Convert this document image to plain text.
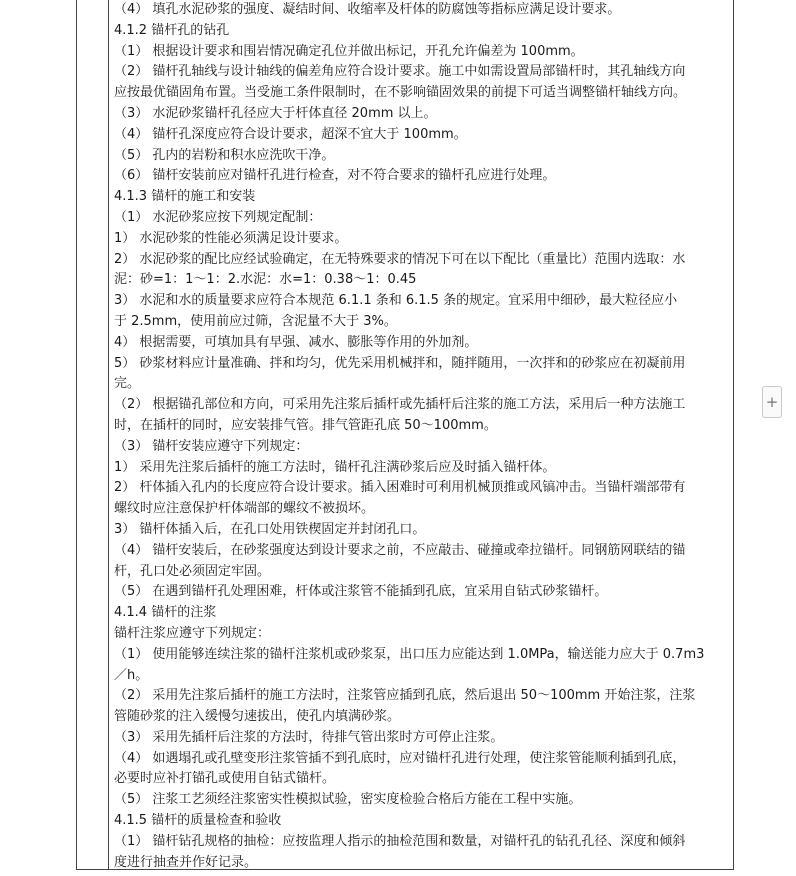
（4） 填孔水泥砂浆的强度、凝结时间、收缩率及杆体的防腐蚀等指标应满足设计要求。
4.1.2 锚杆孔的钻孔
（1） 根据设计要求和围岩情况确定孔位并做出标记，开孔允许偏差为 100mm。
（2） 锚杆孔轴线与设计轴线的偏差角应符合设计要求。施工中如需设置局部锚杆时，其孔轴线方向
应按最优锚固角布置。当受施工条件限制时，在不影响锚固效果的前提下可适当调整锚杆轴线方向。
（3） 水泥砂浆锚杆孔径应大于杆体直径 20mm 以上。
（4） 锚杆孔深度应符合设计要求，超深不宜大于 100mm。
（5） 孔内的岩粉和积水应洗吹干净。
（6） 锚杆安装前应对锚杆孔进行检查，对不符合要求的锚杆孔应进行处理。
4.1.3 锚杆的施工和安装
（1） 水泥砂浆应按下列规定配制：
1） 水泥砂浆的性能必须满足设计要求。
2） 水泥砂浆的配比应经试验确定，在无特殊要求的情况下可在以下配比（重量比）范围内选取：水
泥：砂=1：1～1：2.水泥：水=1：0.38～1：0.45
3） 水泥和水的质量要求应符合本规范 6.1.1 条和 6.1.5 条的规定。宜采用中细砂，最大粒径应小
于 2.5mm，使用前应过筛，含泥量不大于 3%。
4） 根据需要，可填加具有早强、减水、膨胀等作用的外加剂。
5） 砂浆材料应计量准确、拌和均匀，优先采用机械拌和，随拌随用，一次拌和的砂浆应在初凝前用
完。
（2） 根据锚孔部位和方向，可采用先注浆后插杆或先插杆后注浆的施工方法，采用后一种方法施工
时，在插杆的同时，应安装排气管。排气管距孔底 50～100mm。
（3） 锚杆安装应遵守下列规定：
1） 采用先注浆后插杆的施工方法时，锚杆孔注满砂浆后应及时插入锚杆体。
2） 杆体插入孔内的长度应符合设计要求。插入困难时可利用机械顶推或风镐冲击。当锚杆端部带有
螺纹时应注意保护杆体端部的螺纹不被损坏。
3） 锚杆体插入后，在孔口处用铁楔固定并封闭孔口。
（4） 锚杆安装后，在砂浆强度达到设计要求之前，不应敲击、碰撞或牵拉锚杆。同钢筋网联结的锚
杆，孔口处必须固定牢固。
（5） 在遇到锚杆孔处理困难，杆体或注浆管不能插到孔底，宜采用自钻式砂浆锚杆。
4.1.4 锚杆的注浆
锚杆注浆应遵守下列规定：
（1） 使用能够连续注浆的锚杆注浆机或砂浆泵，出口压力应能达到 1.0MPa，输送能力应大于 0.7m3
／h。
（2） 采用先注浆后插杆的施工方法时，注浆管应插到孔底，然后退出 50～100mm 开始注浆，注浆
管随砂浆的注入缓慢匀速拔出，使孔内填满砂浆。
（3） 采用先插杆后注浆的方法时，待排气管出浆时方可停止注浆。
（4） 如遇塌孔或孔壁变形注浆管插不到孔底时，应对锚杆孔进行处理，使注浆管能顺利插到孔底，
必要时应补打锚孔或使用自钻式锚杆。
（5） 注浆工艺须经注浆密实性模拟试验，密实度检验合格后方能在工程中实施。
4.1.5 锚杆的质量检查和验收
（1） 锚杆钻孔规格的抽检：应按监理人指示的抽检范围和数量，对锚杆孔的钻孔孔径、深度和倾斜
度进行抽查并作好记录。
+
